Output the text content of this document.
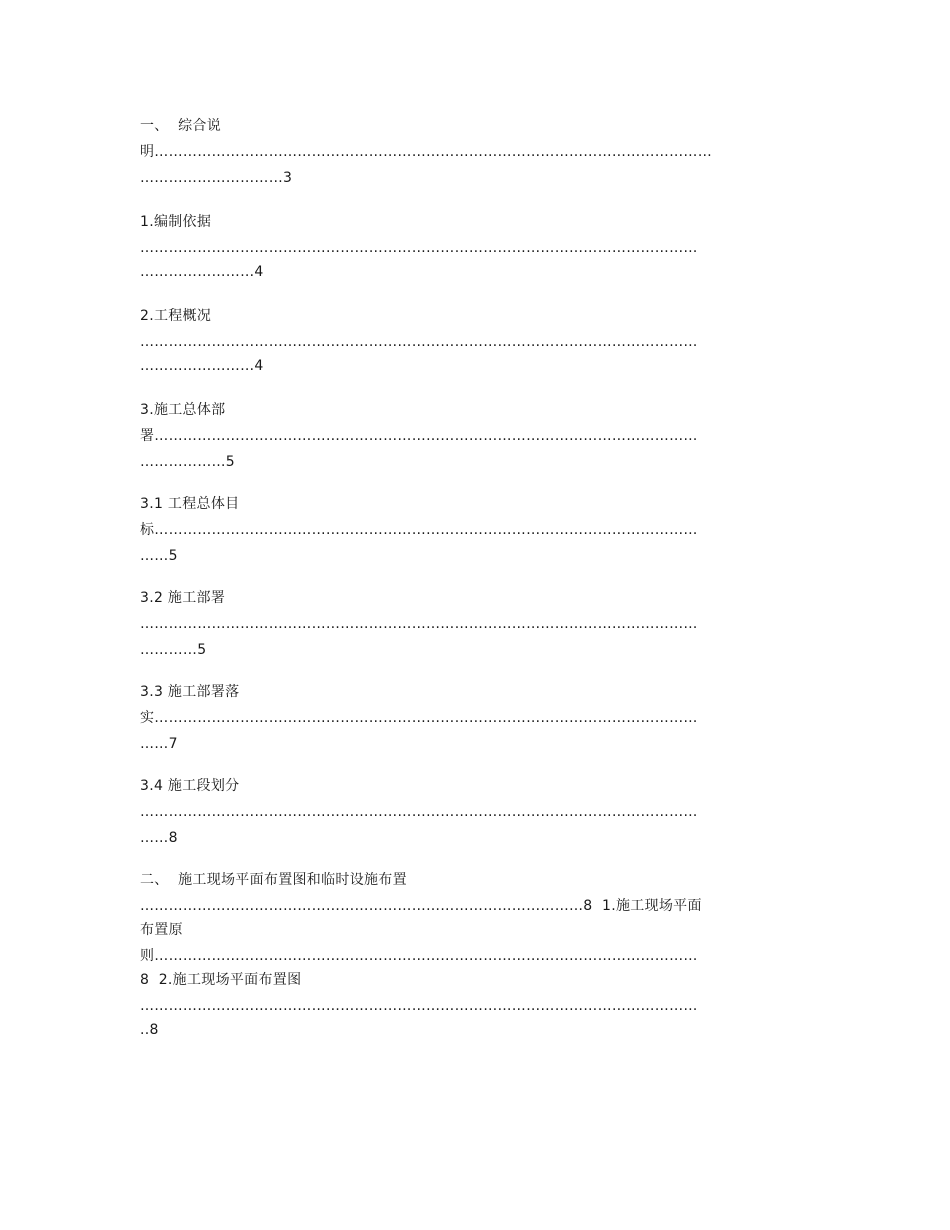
一、  综合说
明………………………………………………………………………………………………………
…………………………3
1.编制依据
………………………………………………………………………………………………………
……………………4
2.工程概况
………………………………………………………………………………………………………
……………………4
3.施工总体部
署……………………………………………………………………………………………………
………………5
3.1 工程总体目
标……………………………………………………………………………………………………
……5
3.2 施工部署
………………………………………………………………………………………………………
…………5
3.3 施工部署落
实……………………………………………………………………………………………………
……7
3.4 施工段划分
………………………………………………………………………………………………………
……8
二、  施工现场平面布置图和临时设施布置
…………………………………………………………………………………8  1.施工现场平面
布置原
则……………………………………………………………………………………………………
8  2.施工现场平面布置图
………………………………………………………………………………………………………
..8
